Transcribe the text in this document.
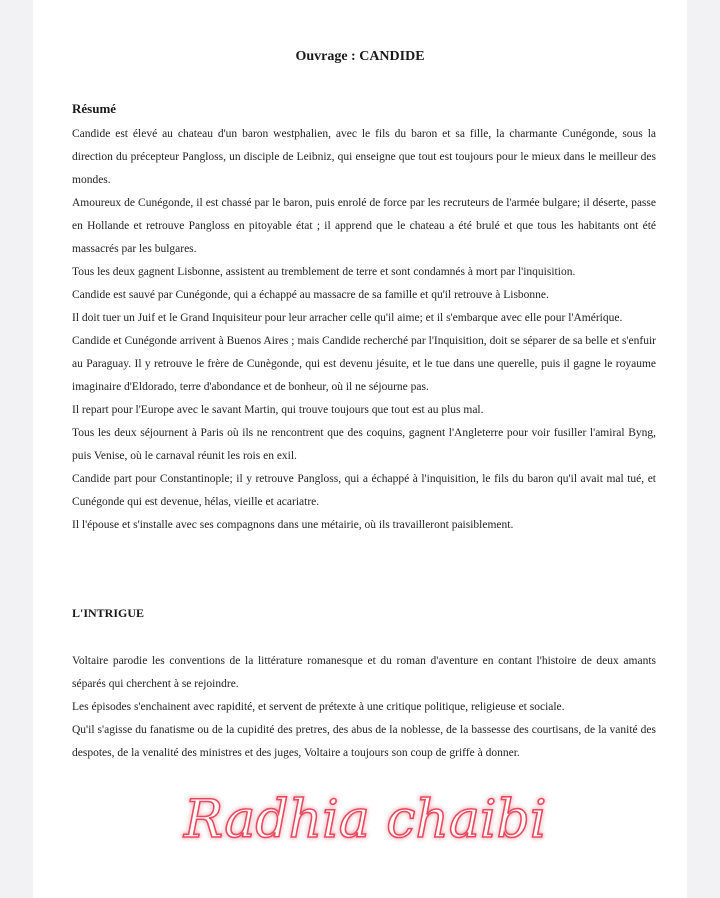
Ouvrage : CANDIDE
Résumé

Candide est élevé au chateau d'un baron westphalien, avec le fils du baron et sa fille, la charmante Cunégonde, sous la direction du précepteur Pangloss, un disciple de Leibniz, qui enseigne que tout est toujours pour le mieux dans le meilleur des mondes.

Amoureux de Cunégonde, il est chassé par le baron, puis enrolé de force par les recruteurs de l'armée bulgare; il déserte, passe en Hollande et retrouve Pangloss en pitoyable état ; il apprend que le chateau a été brulé et que tous les habitants ont été massacrés par les bulgares.

Tous les deux gagnent Lisbonne, assistent au tremblement de terre et sont condamnés à mort par l'inquisition.

Candide est sauvé par Cunégonde, qui a échappé au massacre de sa famille et qu'il retrouve à Lisbonne.

Il doit tuer un Juif et le Grand Inquisiteur pour leur arracher celle qu'il aime; et il s'embarque avec elle pour l'Amérique.

Candide et Cunégonde arrivent à Buenos Aires ; mais Candide recherché par l'Inquisition, doit se séparer de sa belle et s'enfuir au Paraguay. Il y retrouve le frère de Cunègonde, qui est devenu jésuite, et le tue dans une querelle, puis il gagne le royaume imaginaire d'Eldorado, terre d'abondance et de bonheur, où il ne séjourne pas.

Il repart pour l'Europe avec le savant Martin, qui trouve toujours que tout est au plus mal.

Tous les deux séjournent à Paris où ils ne rencontrent que des coquins, gagnent l'Angleterre pour voir fusiller l'amiral Byng, puis Venise, où le carnaval réunit les rois en exil.

Candide part pour Constantinople; il y retrouve Pangloss, qui a échappé à l'inquisition, le fils du baron qu'il avait mal tué, et Cunégonde qui est devenue, hélas, vieille et acariatre.

Il l'épouse et s'installe avec ses compagnons dans une métairie, où ils travailleront paisiblement.

L'INTRIGUE

Voltaire parodie les conventions de la littérature romanesque et du roman d'aventure en contant l'histoire de deux amants séparés qui cherchent à se rejoindre.

Les épisodes s'enchainent avec rapidité, et servent de prétexte à une critique politique, religieuse et sociale.

Qu'il s'agisse du fanatisme ou de la cupidité des pretres, des abus de la noblesse, de la bassesse des courtisans, de la vanité des despotes, de la venalité des ministres et des juges, Voltaire a toujours son coup de griffe à donner.

Radhia chaibi
